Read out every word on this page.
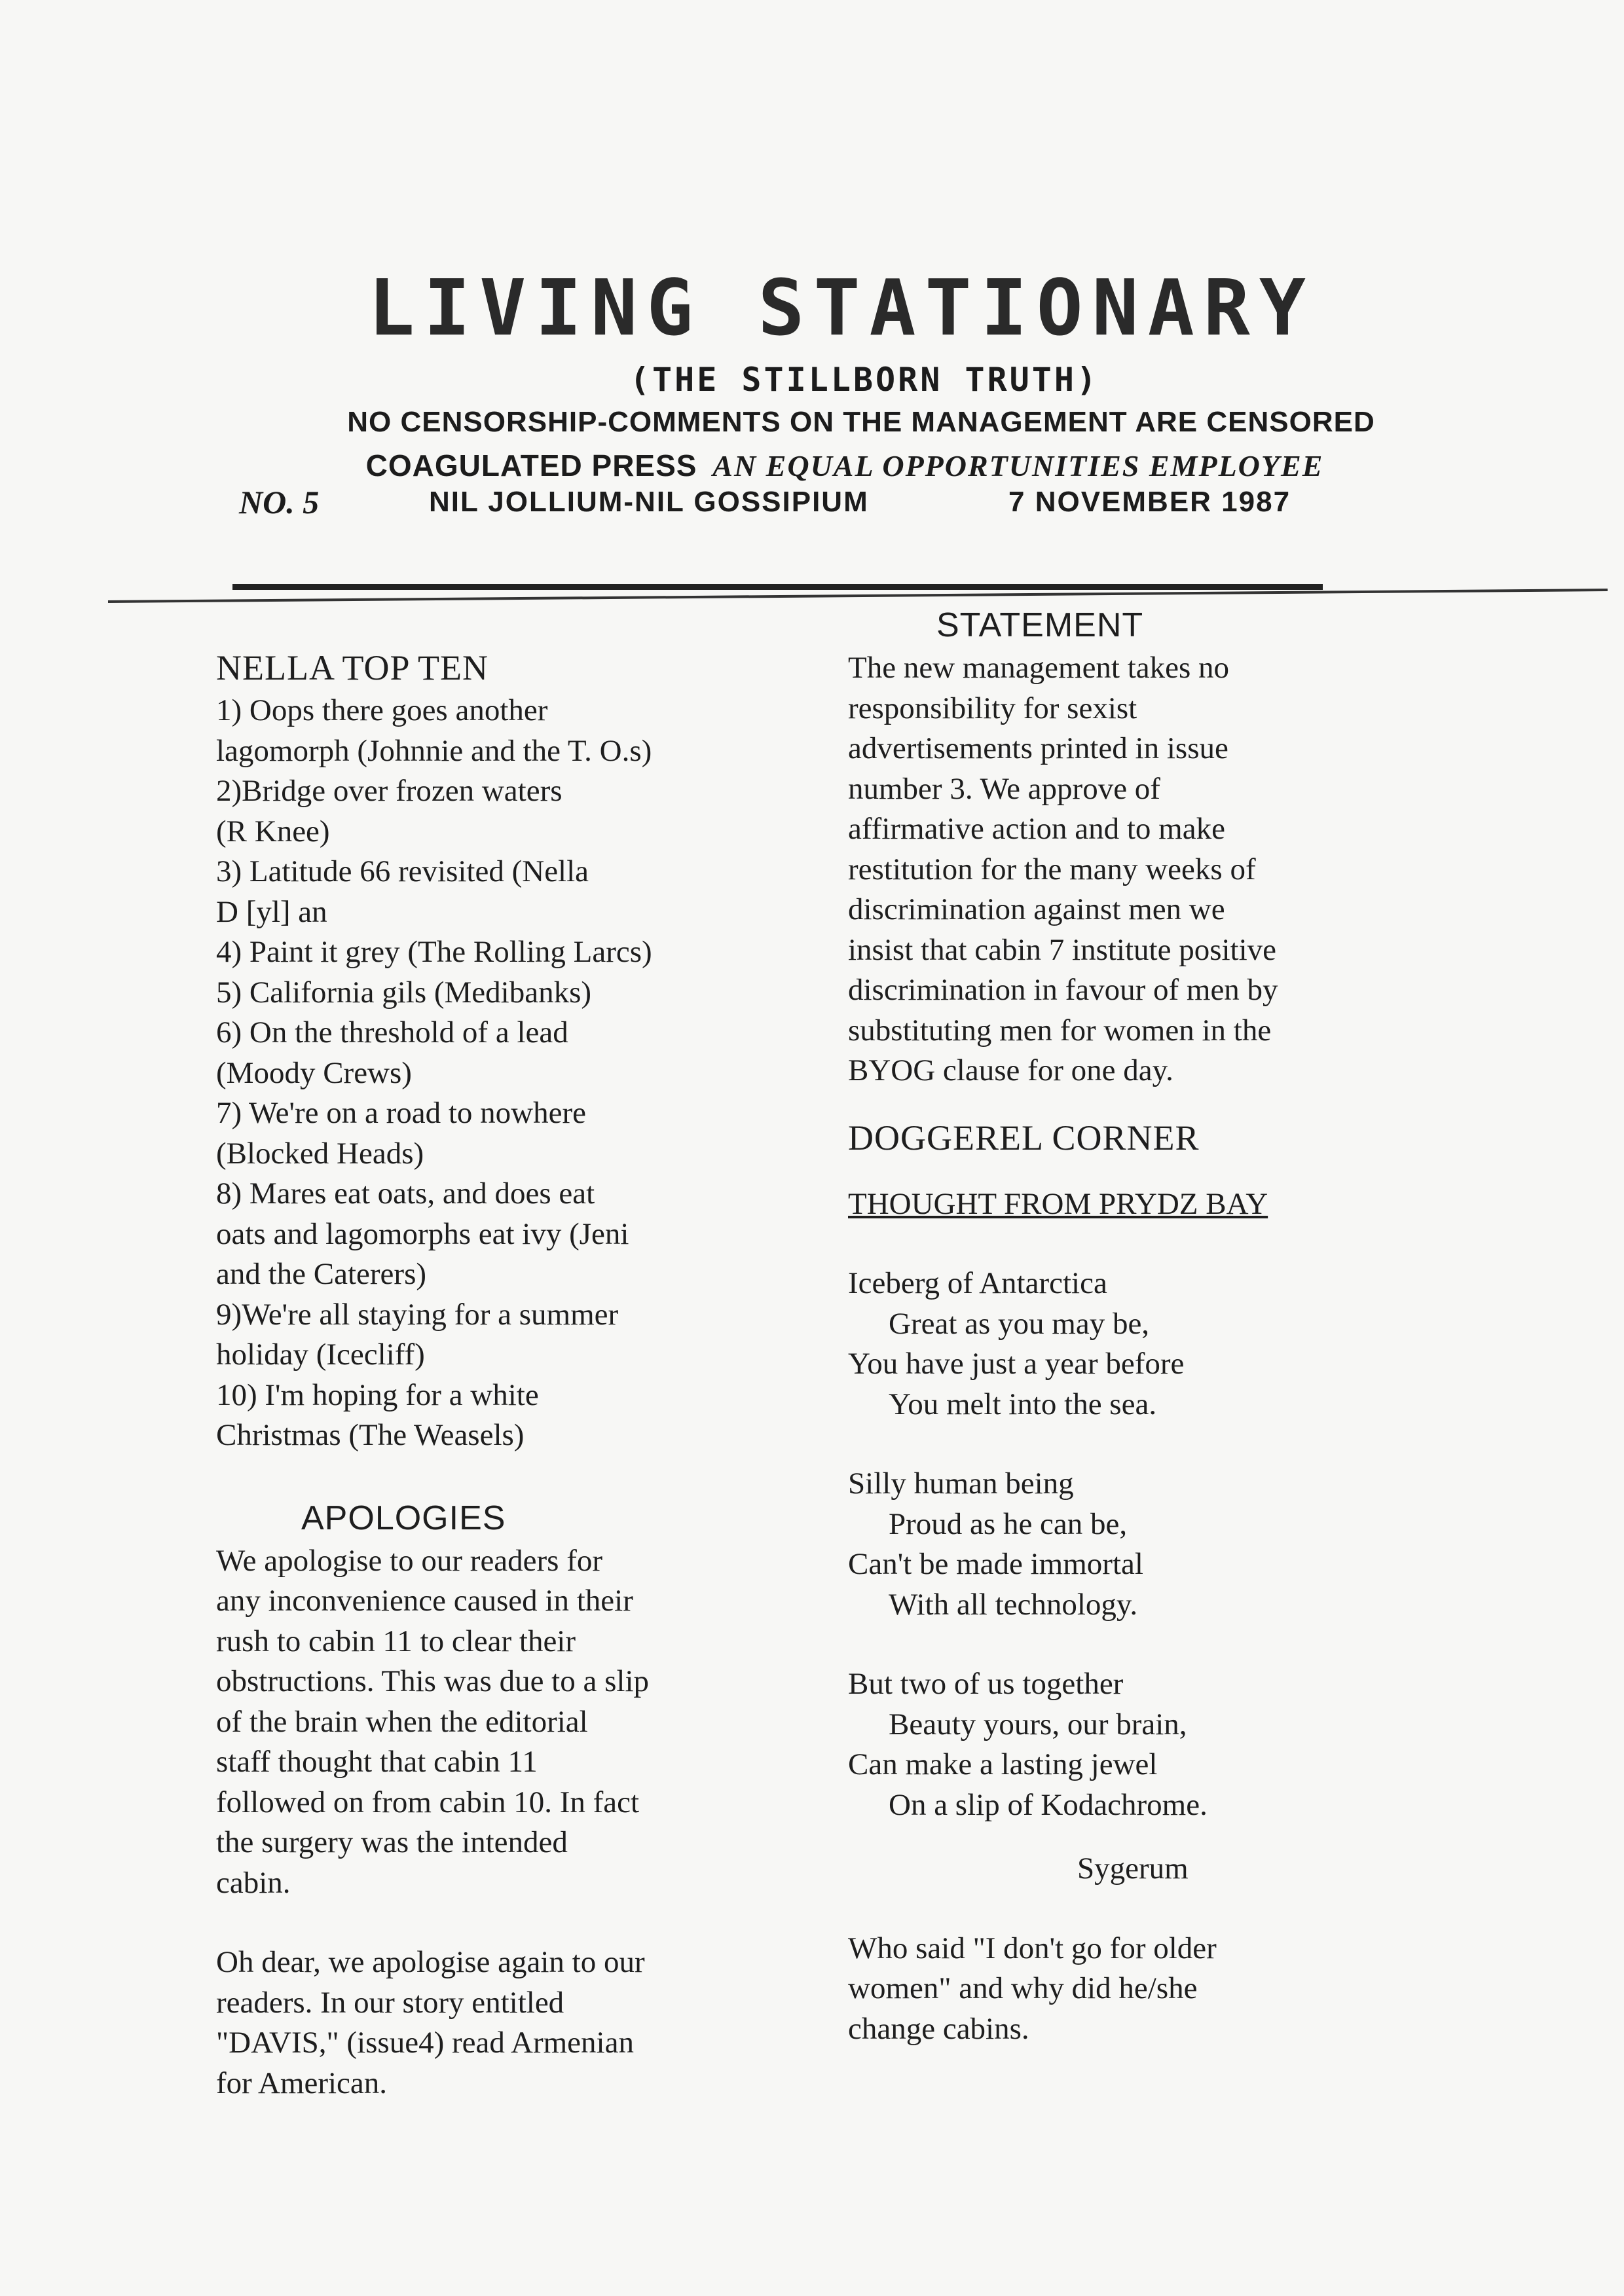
LIVING STATIONARY
(THE STILLBORN TRUTH)
NO CENSORSHIP-COMMENTS ON THE MANAGEMENT ARE CENSORED
COAGULATED PRESS AN EQUAL OPPORTUNITIES EMPLOYEE
NO. 5	NIL JOLLIUM-NIL GOSSIPIUM	7 NOVEMBER 1987
NELLA TOP TEN

1) Oops there goes another

lagomorph (Johnnie and the T. O.s)

2)Bridge over frozen waters

(R Knee)

3) Latitude 66 revisited (Nella

D [yl] an

4) Paint it grey (The Rolling Larcs)

5) California gils (Medibanks)

6) On the threshold of a lead

(Moody Crews)

7) We're on a road to nowhere

(Blocked Heads)

8) Mares eat oats, and does eat

oats and lagomorphs eat ivy (Jeni

and the Caterers)

9)We're all staying for a summer

holiday (Icecliff)

10) I'm hoping for a white

Christmas (The Weasels)

APOLOGIES

We apologise to our readers for

any inconvenience caused in their

rush to cabin 11 to clear their

obstructions. This was due to a slip

of the brain when the editorial

staff thought that cabin 11

followed on from cabin 10. In fact

the surgery was the intended

cabin.

Oh dear, we apologise again to our

readers. In our story entitled

"DAVIS," (issue4) read Armenian

for American.

STATEMENT

The new management takes no

responsibility for sexist

advertisements printed in issue

number 3. We approve of

affirmative action and to make

restitution for the many weeks of

discrimination against men we

insist that cabin 7 institute positive

discrimination in favour of men by

substituting men for women in the

BYOG clause for one day.

DOGGEREL CORNER

THOUGHT FROM PRYDZ BAY

Iceberg of Antarctica

Great as you may be,

You have just a year before

You melt into the sea.

Silly human being

Proud as he can be,

Can't be made immortal

With all technology.

But two of us together

Beauty yours, our brain,

Can make a lasting jewel

On a slip of Kodachrome.

Sygerum

Who said "I don't go for older

women" and why did he/she

change cabins.
